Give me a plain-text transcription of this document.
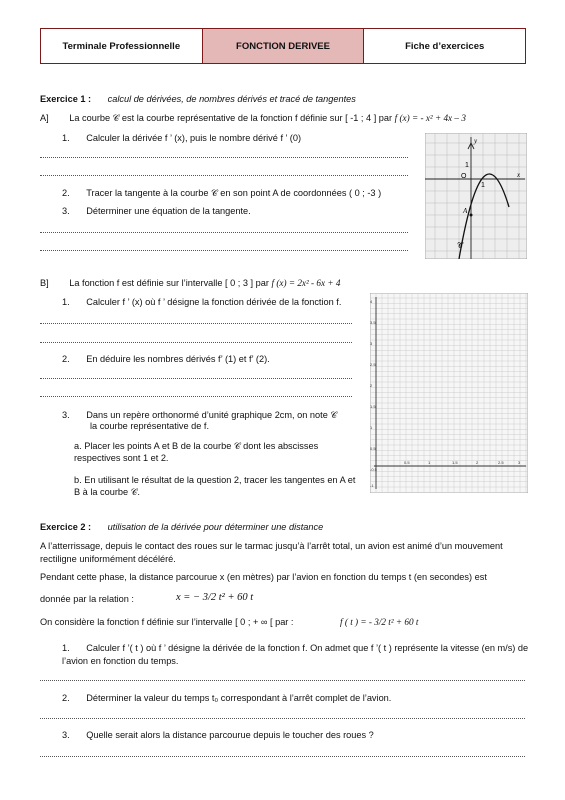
Terminale Professionnelle	FONCTION DERIVEE	Fiche d’exercices
Exercice 1 : calcul de dérivées, de nombres dérivés et tracé de tangentes
A] La courbe 𝒞 est la courbe représentative de la fonction f définie sur [ -1 ; 4 ] par f (x) = - x² + 4x – 3
1. Calculer la dérivée f ’ (x), puis le nombre dérivé f ’ (0)
2. Tracer la tangente à la courbe 𝒞 en son point A de coordonnées ( 0 ; -3 )
3. Déterminer une équation de la tangente.
y
x
1
1
O
A
𝒞
B] La fonction f est définie sur l’intervalle [ 0 ; 3 ] par f (x) = 2x² - 6x + 4
1. Calculer f ’ (x) où f ’ désigne la fonction dérivée de la fonction f.
2. En déduire les nombres dérivés f’ (1) et f’ (2).
3. Dans un repère orthonormé d’unité graphique 2cm, on note 𝒞
la courbe représentative de f.
a. Placer les points A et B de la courbe 𝒞 dont les abscisses respectives sont 1 et 2.
b. En utilisant le résultat de la question 2, tracer les tangentes en A et B à la courbe 𝒞.
4
3.5
3
2.5
2
1.5
1
0.5
-0.5
-1
0.5	1	1.5	2	2.5	3
Exercice 2 : utilisation de la dérivée pour déterminer une distance
A l’atterrissage, depuis le contact des roues sur le tarmac jusqu’à l’arrêt total, un avion est animé d’un mouvement rectiligne uniformément décéléré.
Pendant cette phase, la distance parcourue x (en mètres) par l’avion en fonction du temps t (en secondes) est
donnée par la relation :	x = − 3/2 t² + 60 t
On considère la fonction f définie sur l’intervalle [ 0 ; + ∞ [ par :	f ( t ) = - 3/2 t² + 60 t
1. Calculer f ’( t ) où f ’ désigne la dérivée de la fonction f. On admet que f ’( t ) représente la vitesse (en m/s) de l’avion en fonction du temps.
2. Déterminer la valeur du temps t₀ correspondant à l’arrêt complet de l’avion.
3. Quelle serait alors la distance parcourue depuis le toucher des roues ?
